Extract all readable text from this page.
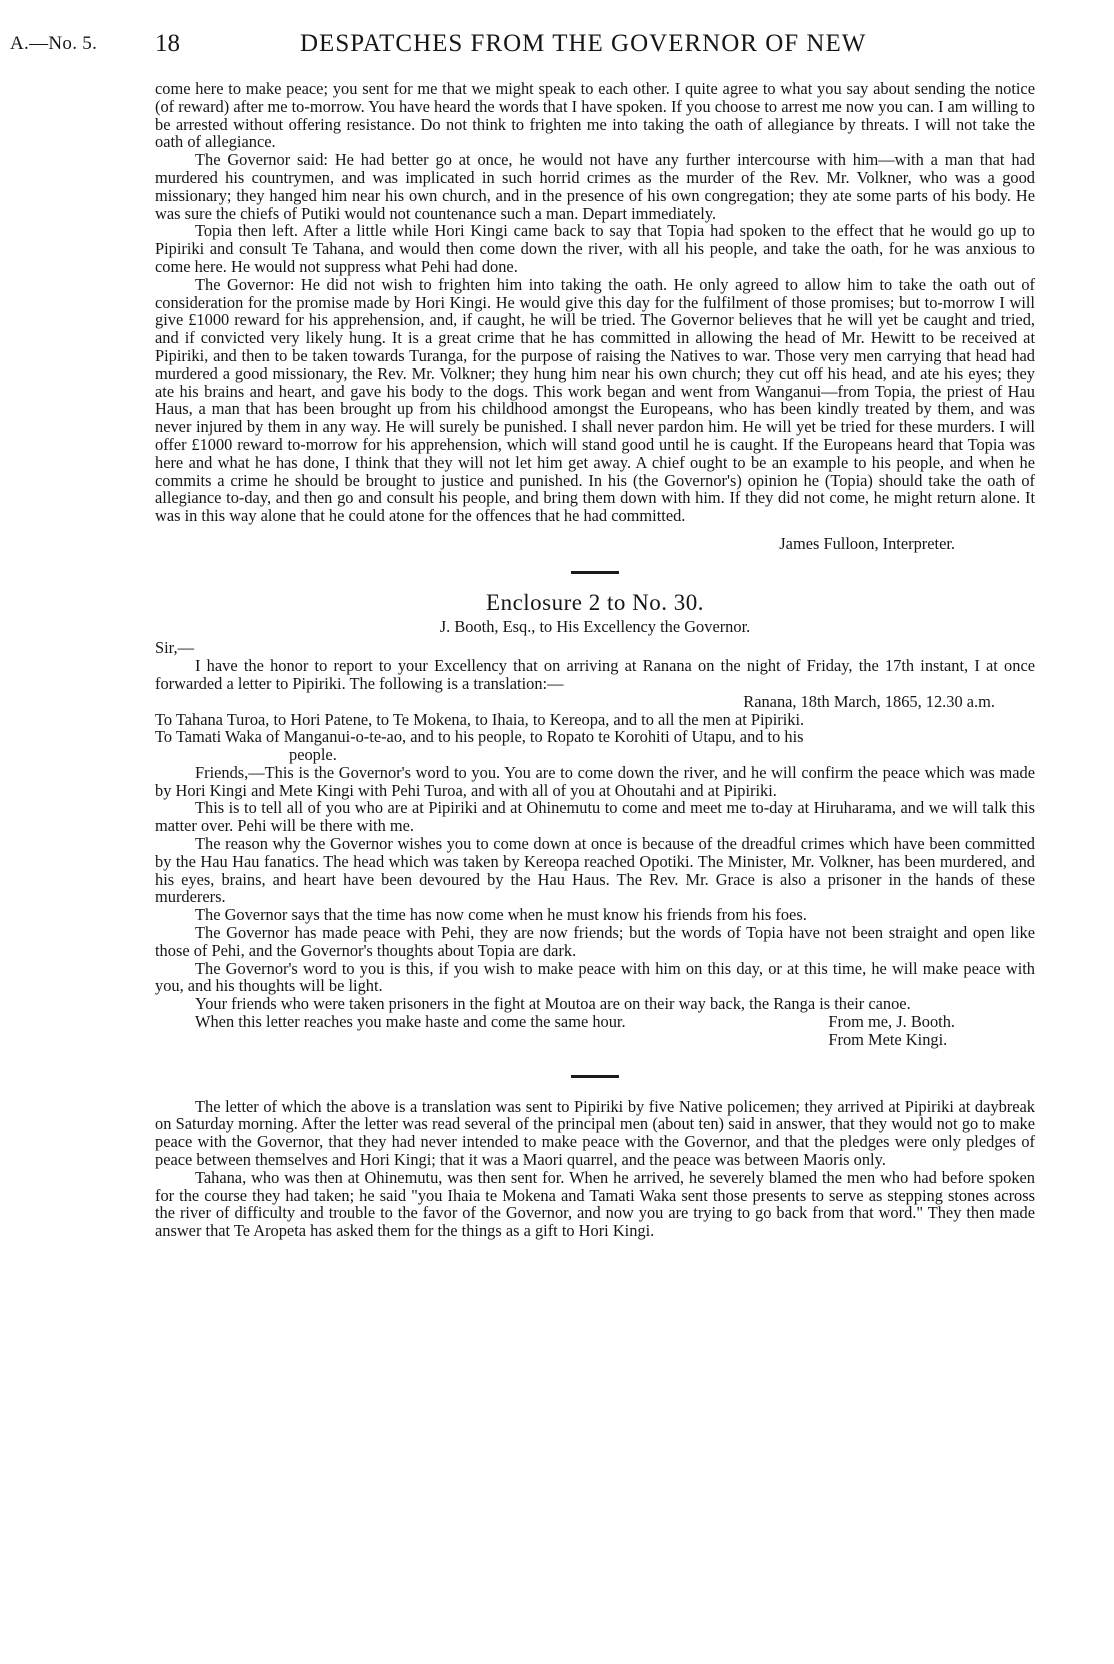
A.—No. 5. 18	DESPATCHES FROM THE GOVERNOR OF NEW

come here to make peace; you sent for me that we might speak to each other. I quite agree to what you say about sending the notice (of reward) after me to-morrow. You have heard the words that I have spoken. If you choose to arrest me now you can. I am willing to be arrested without offering resistance. Do not think to frighten me into taking the oath of allegiance by threats. I will not take the oath of allegiance.

The Governor said: He had better go at once, he would not have any further intercourse with him—with a man that had murdered his countrymen, and was implicated in such horrid crimes as the murder of the Rev. Mr. Volkner, who was a good missionary; they hanged him near his own church, and in the presence of his own congregation; they ate some parts of his body. He was sure the chiefs of Putiki would not countenance such a man. Depart immediately.

Topia then left. After a little while Hori Kingi came back to say that Topia had spoken to the effect that he would go up to Pipiriki and consult Te Tahana, and would then come down the river, with all his people, and take the oath, for he was anxious to come here. He would not suppress what Pehi had done.

The Governor: He did not wish to frighten him into taking the oath. He only agreed to allow him to take the oath out of consideration for the promise made by Hori Kingi. He would give this day for the fulfilment of those promises; but to-morrow I will give £1000 reward for his apprehension, and, if caught, he will be tried. The Governor believes that he will yet be caught and tried, and if convicted very likely hung. It is a great crime that he has committed in allowing the head of Mr. Hewitt to be received at Pipiriki, and then to be taken towards Turanga, for the purpose of raising the Natives to war. Those very men carrying that head had murdered a good missionary, the Rev. Mr. Volkner; they hung him near his own church; they cut off his head, and ate his eyes; they ate his brains and heart, and gave his body to the dogs. This work began and went from Wanganui—from Topia, the priest of Hau Haus, a man that has been brought up from his childhood amongst the Europeans, who has been kindly treated by them, and was never injured by them in any way. He will surely be punished. I shall never pardon him. He will yet be tried for these murders. I will offer £1000 reward to-morrow for his apprehension, which will stand good until he is caught. If the Europeans heard that Topia was here and what he has done, I think that they will not let him get away. A chief ought to be an example to his people, and when he commits a crime he should be brought to justice and punished. In his (the Governor's) opinion he (Topia) should take the oath of allegiance to-day, and then go and consult his people, and bring them down with him. If they did not come, he might return alone. It was in this way alone that he could atone for the offences that he had committed.

James Fulloon, Interpreter.
Enclosure 2 to No. 30.
J. Booth, Esq., to His Excellency the Governor.

Sir,—

I have the honor to report to your Excellency that on arriving at Ranana on the night of Friday, the 17th instant, I at once forwarded a letter to Pipiriki. The following is a translation:—

Ranana, 18th March, 1865, 12.30 a.m.

To Tahana Turoa, to Hori Patene, to Te Mokena, to Ihaia, to Kereopa, and to all the men at Pipiriki.

To Tamati Waka of Manganui-o-te-ao, and to his people, to Ropato te Korohiti of Utapu, and to his

people.

Friends,—This is the Governor's word to you. You are to come down the river, and he will confirm the peace which was made by Hori Kingi and Mete Kingi with Pehi Turoa, and with all of you at Ohoutahi and at Pipiriki.

This is to tell all of you who are at Pipiriki and at Ohinemutu to come and meet me to-day at Hiruharama, and we will talk this matter over. Pehi will be there with me.

The reason why the Governor wishes you to come down at once is because of the dreadful crimes which have been committed by the Hau Hau fanatics. The head which was taken by Kereopa reached Opotiki. The Minister, Mr. Volkner, has been murdered, and his eyes, brains, and heart have been devoured by the Hau Haus. The Rev. Mr. Grace is also a prisoner in the hands of these murderers.

The Governor says that the time has now come when he must know his friends from his foes.

The Governor has made peace with Pehi, they are now friends; but the words of Topia have not been straight and open like those of Pehi, and the Governor's thoughts about Topia are dark.

The Governor's word to you is this, if you wish to make peace with him on this day, or at this time, he will make peace with you, and his thoughts will be light.

Your friends who were taken prisoners in the fight at Moutoa are on their way back, the Ranga is their canoe.

When this letter reaches you make haste and come the same hour.	From me, J. Booth.
From Mete Kingi.

The letter of which the above is a translation was sent to Pipiriki by five Native policemen; they arrived at Pipiriki at daybreak on Saturday morning. After the letter was read several of the principal men (about ten) said in answer, that they would not go to make peace with the Governor, that they had never intended to make peace with the Governor, and that the pledges were only pledges of peace between themselves and Hori Kingi; that it was a Maori quarrel, and the peace was between Maoris only.

Tahana, who was then at Ohinemutu, was then sent for. When he arrived, he severely blamed the men who had before spoken for the course they had taken; he said "you Ihaia te Mokena and Tamati Waka sent those presents to serve as stepping stones across the river of difficulty and trouble to the favor of the Governor, and now you are trying to go back from that word." They then made answer that Te Aropeta has asked them for the things as a gift to Hori Kingi.
